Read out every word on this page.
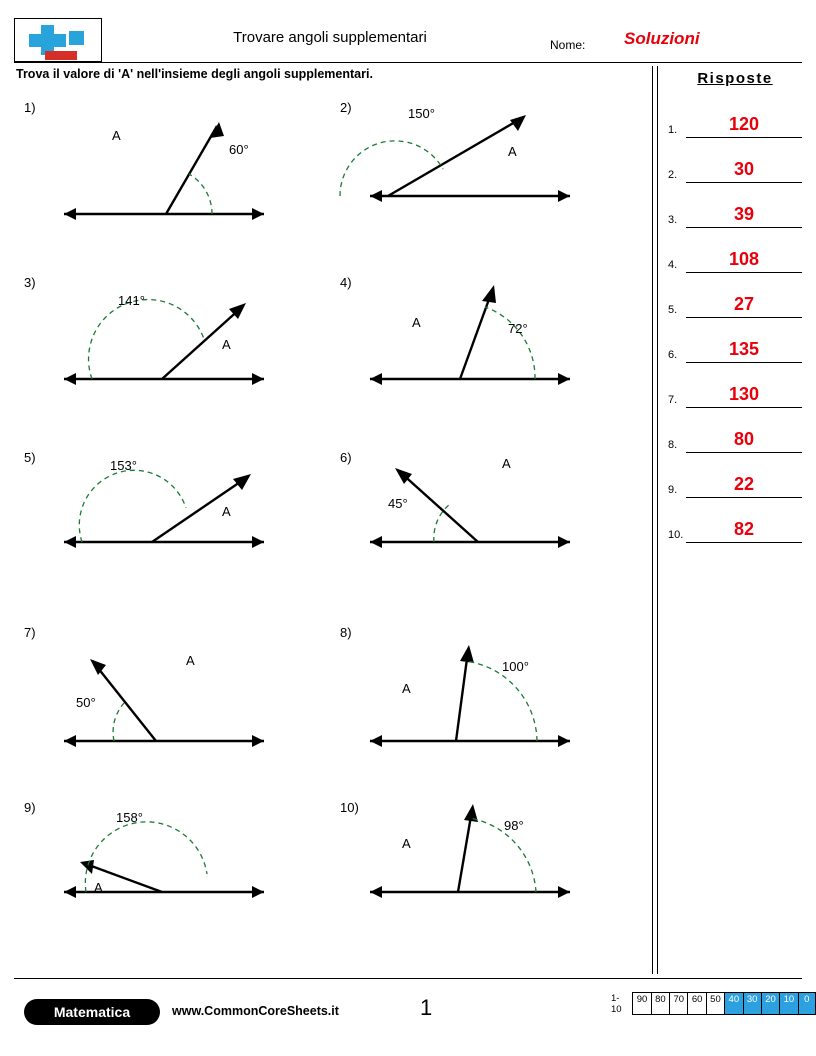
Trovare angoli supplementari	Nome: Soluzioni
Trova il valore di 'A' nell'insieme degli angoli supplementari.	Risposte
1.	120
2.	30
3.	39
4.	108
5.	27
6.	135
7.	130
8.	80
9.	22
10.	82
1)
60°
A
2)	150°
A
3)
141°
A
4)
72°
A
5)
153°
A
6)
45°
A
7)
50°
A
8)
100°
A
9)
158°
A
10)
98°
A
Matematica	www.CommonCoreSheets.it	1	1-10
90 80 70 60 50 40 30 20 10	0
